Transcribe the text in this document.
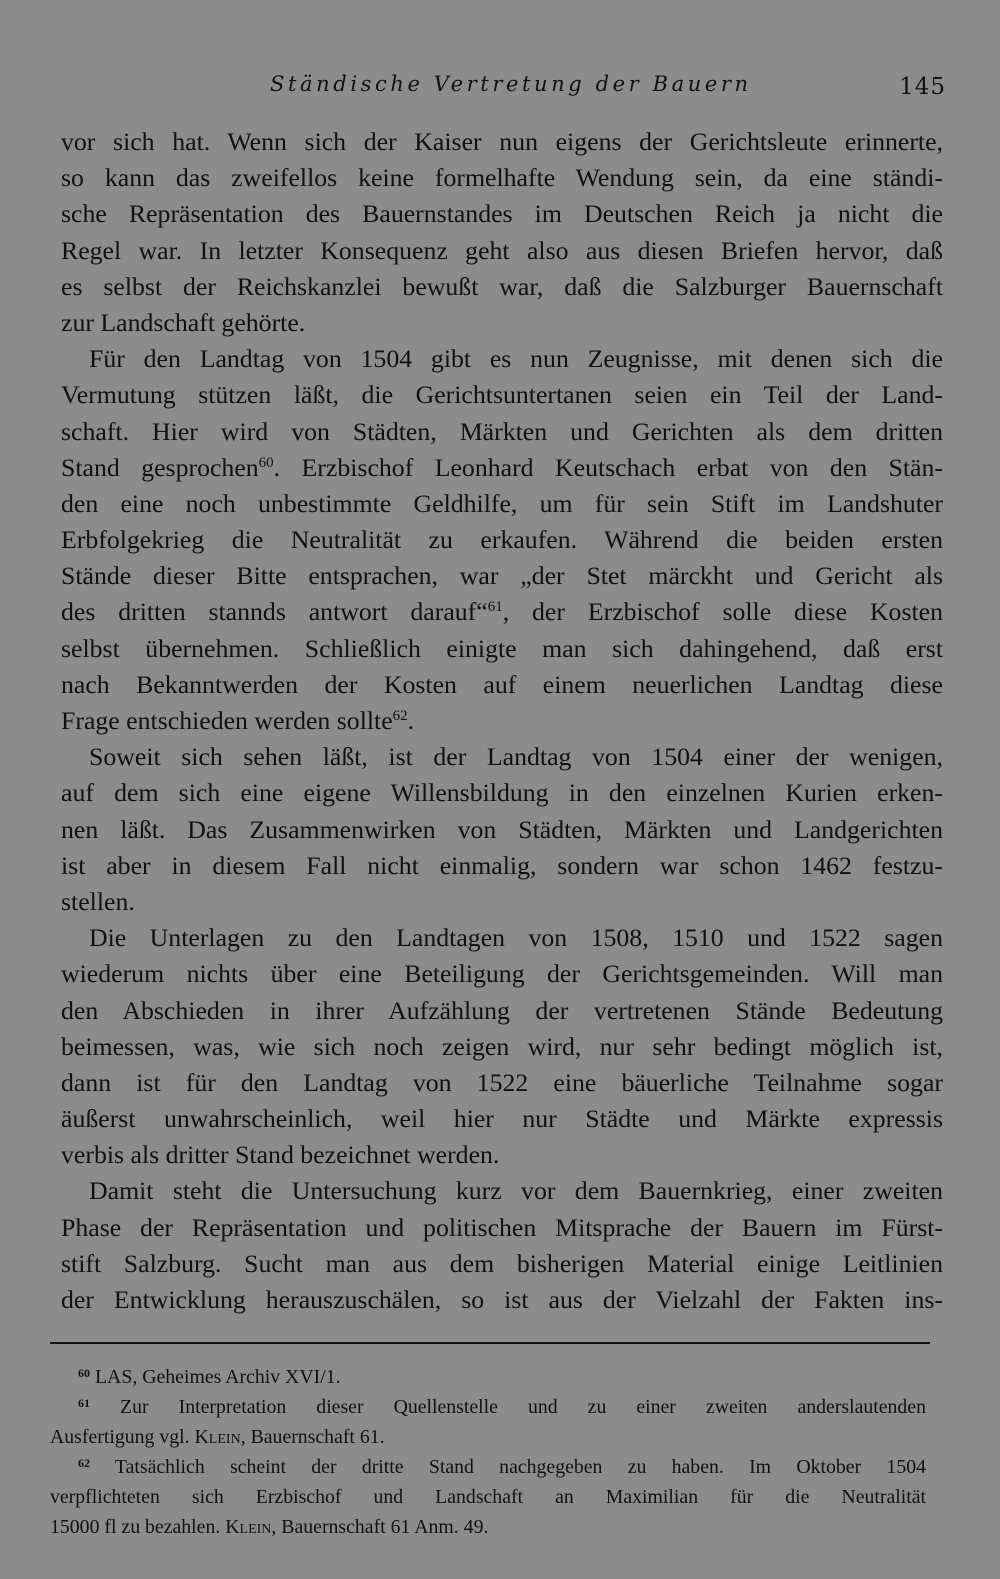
Ständische Vertretung der Bauern	145
vor sich hat. Wenn sich der Kaiser nun eigens der Gerichtsleute erinnerte,
so kann das zweifellos keine formelhafte Wendung sein, da eine ständi-
sche Repräsentation des Bauernstandes im Deutschen Reich ja nicht die
Regel war. In letzter Konsequenz geht also aus diesen Briefen hervor, daß
es selbst der Reichskanzlei bewußt war, daß die Salzburger Bauernschaft
zur Landschaft gehörte.
Für den Landtag von 1504 gibt es nun Zeugnisse, mit denen sich die
Vermutung stützen läßt, die Gerichtsuntertanen seien ein Teil der Land-
schaft. Hier wird von Städten, Märkten und Gerichten als dem dritten
Stand gesprochen$^{60}$. Erzbischof Leonhard Keutschach erbat von den Stän-
den eine noch unbestimmte Geldhilfe, um für sein Stift im Landshuter
Erbfolgekrieg die Neutralität zu erkaufen. Während die beiden ersten
Stände dieser Bitte entsprachen, war „der Stet märckht und Gericht als
des dritten stannds antwort darauf“$^{61}$, der Erzbischof solle diese Kosten
selbst übernehmen. Schließlich einigte man sich dahingehend, daß erst
nach Bekanntwerden der Kosten auf einem neuerlichen Landtag diese
Frage entschieden werden sollte$^{62}$.
Soweit sich sehen läßt, ist der Landtag von 1504 einer der wenigen,
auf dem sich eine eigene Willensbildung in den einzelnen Kurien erken-
nen läßt. Das Zusammenwirken von Städten, Märkten und Landgerichten
ist aber in diesem Fall nicht einmalig, sondern war schon 1462 festzu-
stellen.
Die Unterlagen zu den Landtagen von 1508, 1510 und 1522 sagen
wiederum nichts über eine Beteiligung der Gerichtsgemeinden. Will man
den Abschieden in ihrer Aufzählung der vertretenen Stände Bedeutung
beimessen, was, wie sich noch zeigen wird, nur sehr bedingt möglich ist,
dann ist für den Landtag von 1522 eine bäuerliche Teilnahme sogar
äußerst unwahrscheinlich, weil hier nur Städte und Märkte expressis
verbis als dritter Stand bezeichnet werden.
Damit steht die Untersuchung kurz vor dem Bauernkrieg, einer zweiten
Phase der Repräsentation und politischen Mitsprache der Bauern im Fürst-
stift Salzburg. Sucht man aus dem bisherigen Material einige Leitlinien
der Entwicklung herauszuschälen, so ist aus der Vielzahl der Fakten ins-
$^{60}$ LAS, Geheimes Archiv XVI/1.
$^{61}$ Zur Interpretation dieser Quellenstelle und zu einer zweiten anderslautenden
Ausfertigung vgl. Klein, Bauernschaft 61.
$^{62}$ Tatsächlich scheint der dritte Stand nachgegeben zu haben. Im Oktober 1504
verpflichteten sich Erzbischof und Landschaft an Maximilian für die Neutralität
15000 fl zu bezahlen. Klein, Bauernschaft 61 Anm. 49.
